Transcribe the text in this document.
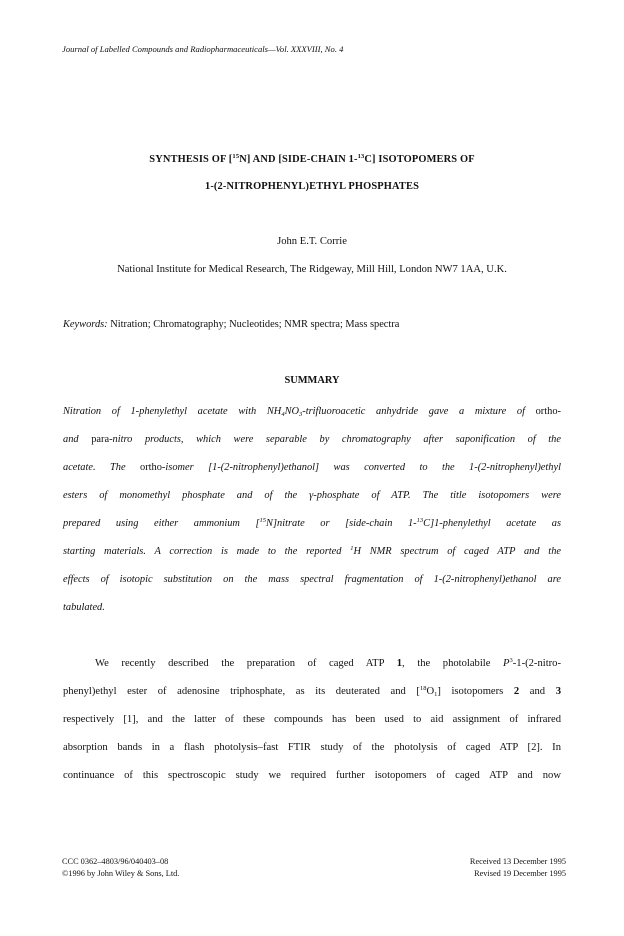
Journal of Labelled Compounds and Radiopharmaceuticals—Vol. XXXVIII, No. 4
SYNTHESIS OF [$^{15}$N] AND [SIDE-CHAIN 1-$^{13}$C] ISOTOPOMERS OF
1-(2-NITROPHENYL)ETHYL PHOSPHATES
John E.T. Corrie
National Institute for Medical Research, The Ridgeway, Mill Hill, London NW7 1AA, U.K.
Keywords: Nitration; Chromatography; Nucleotides; NMR spectra; Mass spectra
SUMMARY
Nitration of 1-phenylethyl acetate with $NH_4NO_3$-trifluoroacetic anhydride gave a mixture of ortho-
and para-nitro products, which were separable by chromatography after saponification of the
acetate. The ortho-isomer [1-(2-nitrophenyl)ethanol] was converted to the 1-(2-nitrophenyl)ethyl
esters of monomethyl phosphate and of the γ-phosphate of ATP. The title isotopomers were
prepared using either ammonium [$^{15}$N]nitrate or [side-chain 1-$^{13}$C]1-phenylethyl acetate as
starting materials. A correction is made to the reported $^1$H NMR spectrum of caged ATP and the
effects of isotopic substitution on the mass spectral fragmentation of 1-(2-nitrophenyl)ethanol are
tabulated.
We recently described the preparation of caged ATP 1, the photolabile $P^3-1-(2-nitro-$
phenyl)ethyl ester of adenosine triphosphate, as its deuterated and $[^{18}O_1]$ isotopomers 2 and 3
respectively [1], and the latter of these compounds has been used to aid assignment of infrared
absorption bands in a flash photolysis–fast FTIR study of the photolysis of caged ATP [2]. In
continuance of this spectroscopic study we required further isotopomers of caged ATP and now
CCC 0362–4803/96/040403–08
©1996 by John Wiley & Sons, Ltd.
Received 13 December 1995
Revised 19 December 1995
